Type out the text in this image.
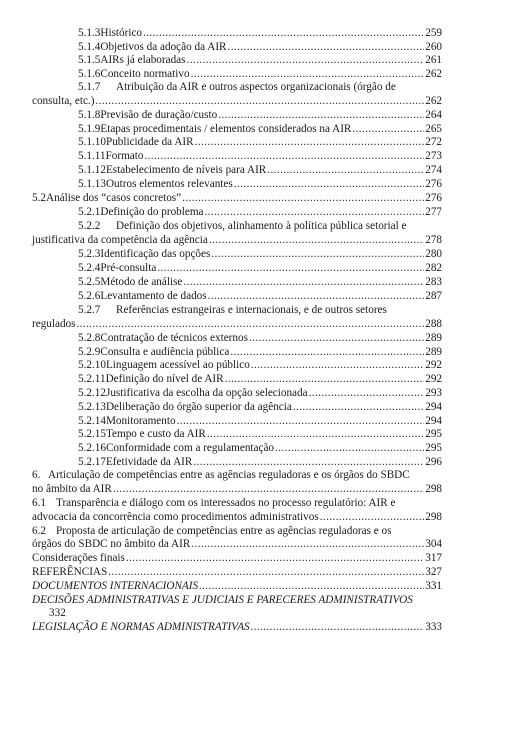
5.1.3 Histórico .....	259
5.1.4 Objetivos da adoção da AIR .....	260
5.1.5 AIRs já elaboradas .....	261
5.1.6 Conceito normativo .....	262
5.1.7	Atribuição da AIR e outros aspectos organizacionais (órgão de
consulta, etc.) .....	262
5.1.8 Previsão de duração/custo .....	264
5.1.9 Etapas procedimentais / elementos considerados na AIR .....	265
5.1.10 Publicidade da AIR .....	272
5.1.11 Formato .....	273
5.1.12 Estabelecimento de níveis para AIR .....	274
5.1.13 Outros elementos relevantes .....	276
5.2 Análise dos “casos concretos” .....	276
5.2.1 Definição do problema .....	277
5.2.2	Definição dos objetivos, alinhamento à política pública setorial e
justificativa da competência da agência .....	278
5.2.3 Identificação das opções .....	280
5.2.4 Pré-consulta .....	282
5.2.5 Método de análise .....	283
5.2.6 Levantamento de dados .....	287
5.2.7	Referências estrangeiras e internacionais, e de outros setores
regulados .....	288
5.2.8 Contratação de técnicos externos .....	289
5.2.9 Consulta e audiência pública .....	289
5.2.10 Linguagem acessível ao público .....	292
5.2.11 Definição do nível de AIR .....	292
5.2.12 Justificativa da escolha da opção selecionada .....	293
5.2.13 Deliberação do órgão superior da agência .....	294
5.2.14 Monitoramento .....	294
5.2.15 Tempo e custo da AIR .....	295
5.2.16 Conformidade com a regulamentação .....	295
5.2.17 Efetividade da AIR .....	296
6. Articulação de competências entre as agências reguladoras e os órgãos do SBDC
no âmbito da AIR .....	298
6.1 Transparência e diálogo com os interessados no processo regulatório: AIR e
advocacia da concorrência como procedimentos administrativos .....	298
6.2 Proposta de articulação de competências entre as agências reguladoras e os
órgãos do SBDC no âmbito da AIR .....	304
Considerações finais .....	317
REFERÊNCIAS .....	327
DOCUMENTOS INTERNACIONAIS .....	331
DECISÕES ADMINISTRATIVAS E JUDICIAIS E PARECERES ADMINISTRATIVOS
332
LEGISLAÇÃO E NORMAS ADMINISTRATIVAS .....	333
